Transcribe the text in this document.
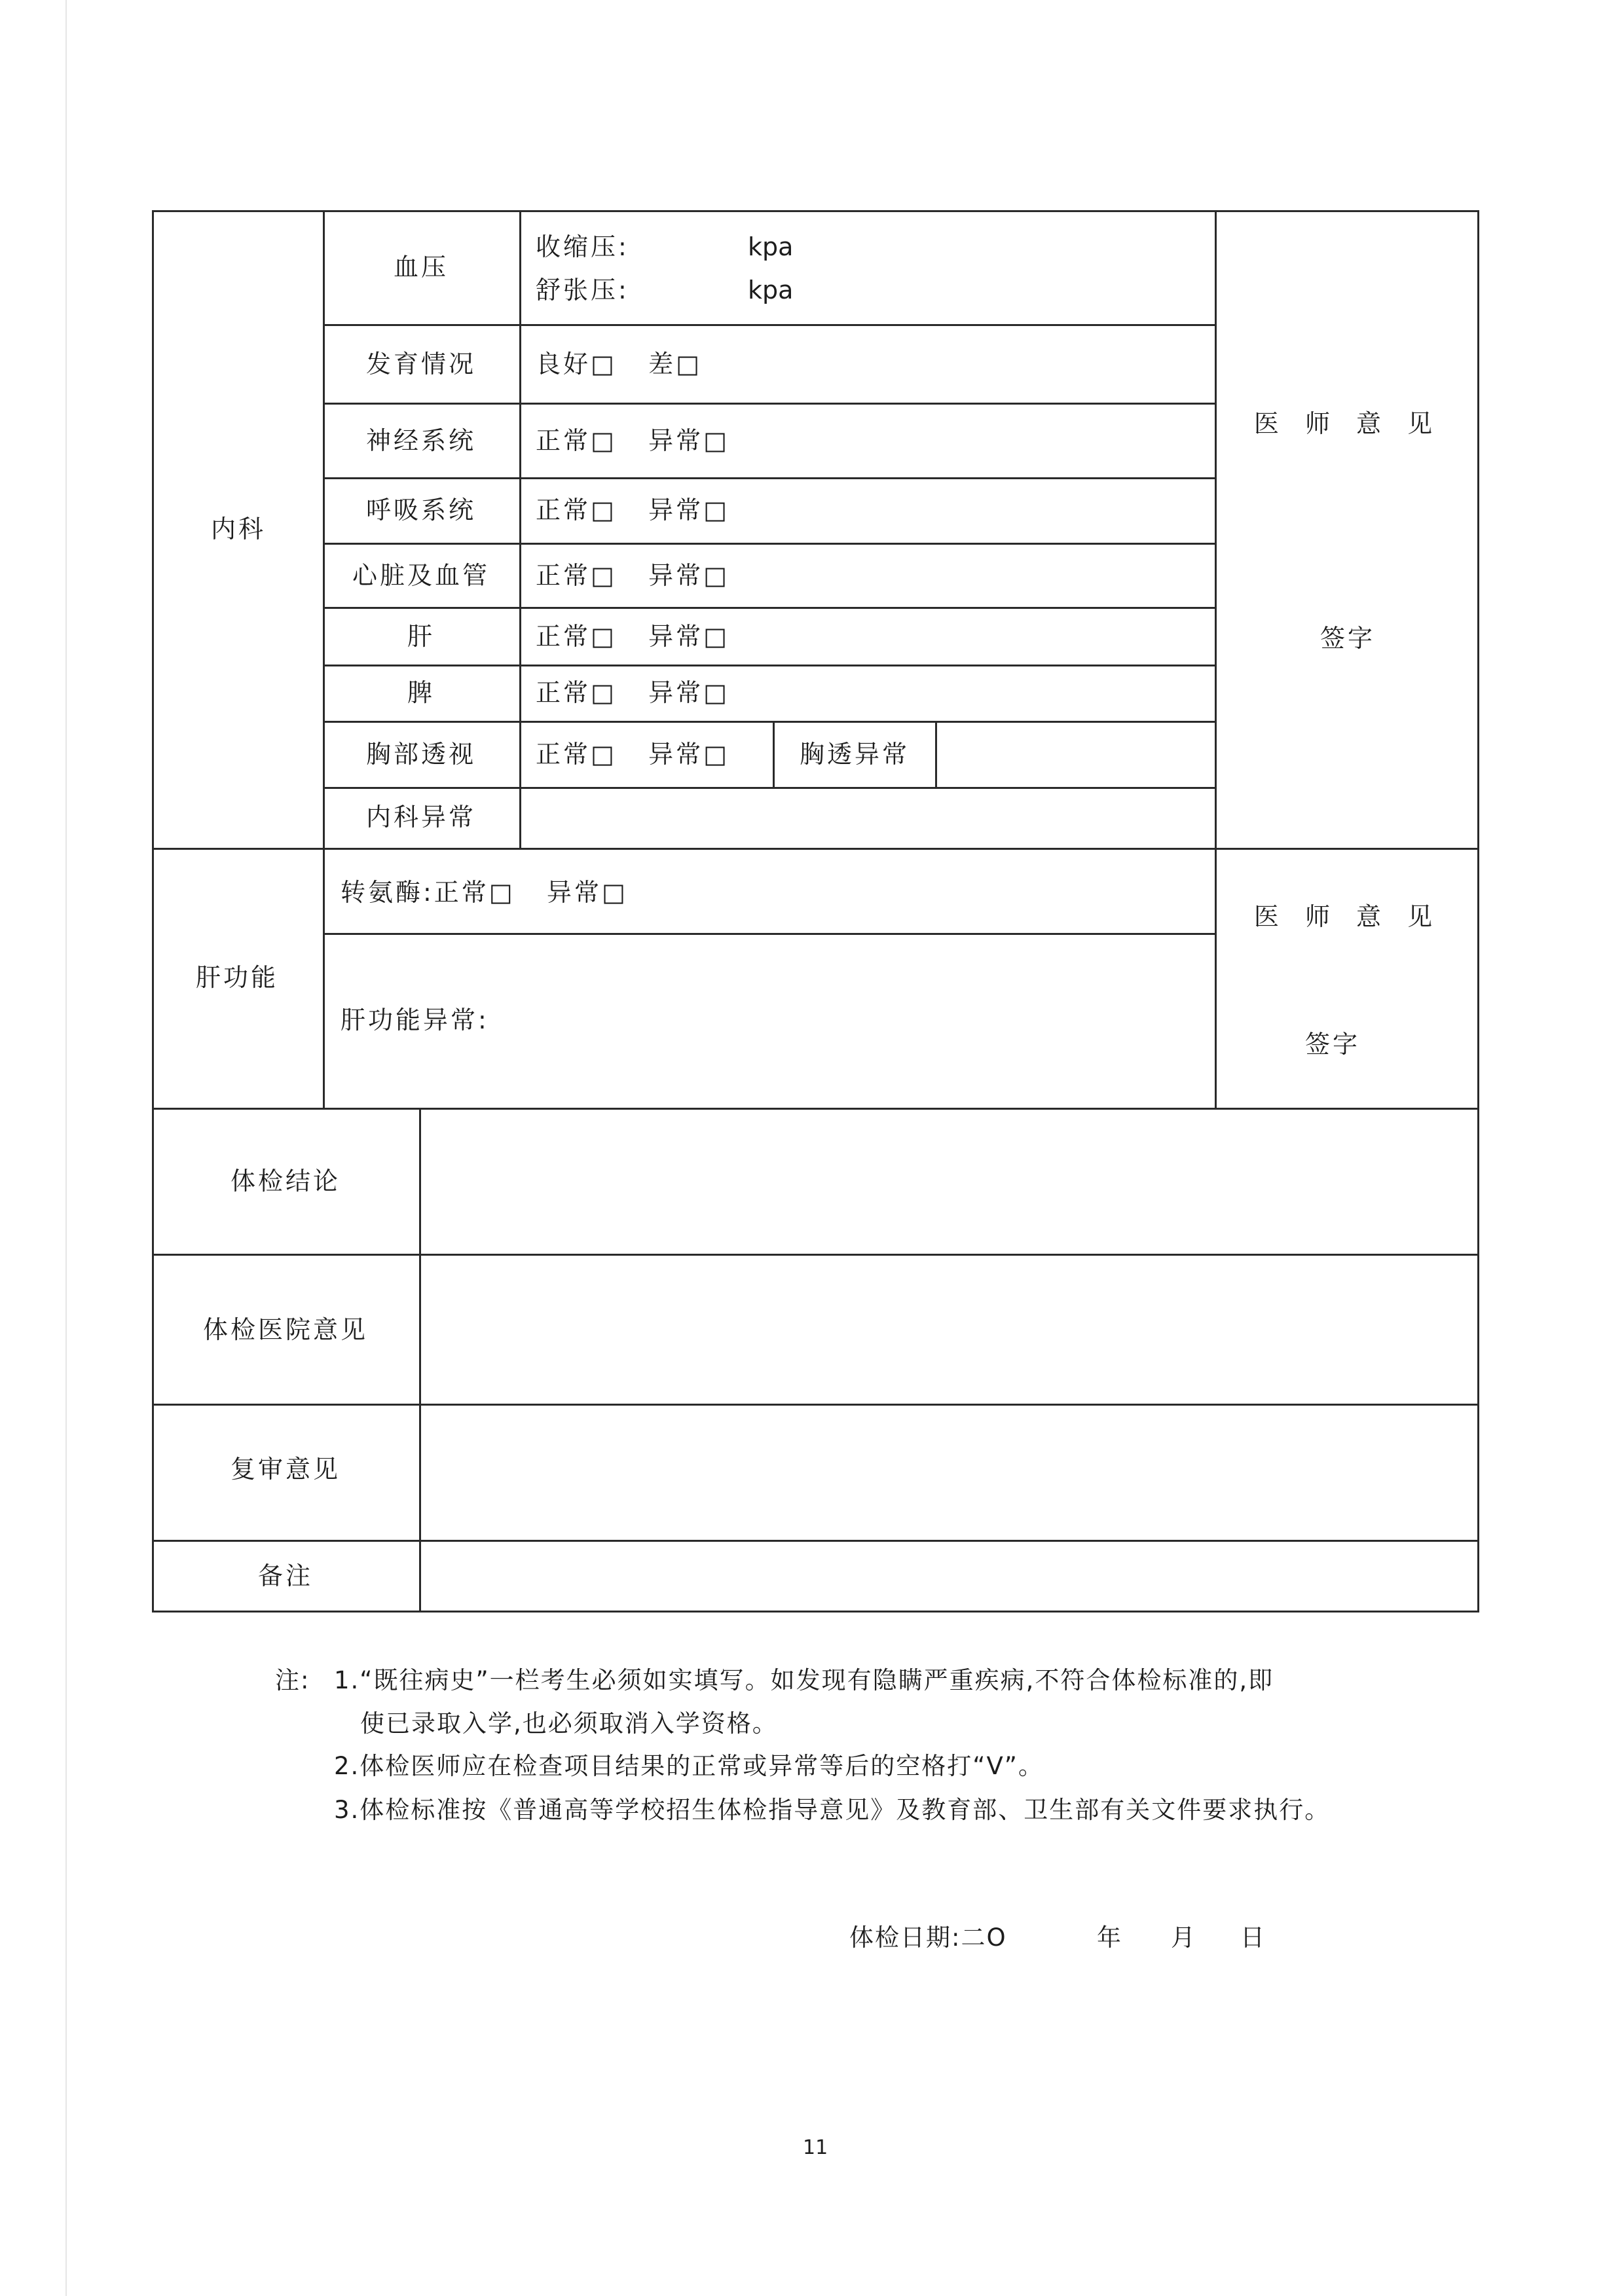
内科
血压
收缩压:	kpa
舒张压:	kpa
发育情况 良好□   差□
神经系统 正常□   异常□
呼吸系统 正常□   异常□
心脏及血管 正常□   异常□
肝	正常□   异常□
脾	正常□   异常□
胸部透视 正常□   异常□	胸透异常
内科异常
医 师 意 见
签字
肝功能
转氨酶:正常□   异常□
肝功能异常:
医 师 意 见
签字
体检结论
体检医院意见
复审意见
备注
注: 1.“既往病史”一栏考生必须如实填写。如发现有隐瞒严重疾病,不符合体检标准的,即
使已录取入学,也必须取消入学资格。
2.体检医师应在检查项目结果的正常或异常等后的空格打“V”。
3.体检标准按《普通高等学校招生体检指导意见》及教育部、卫生部有关文件要求执行。
体检日期:二O	年 月 日
11
